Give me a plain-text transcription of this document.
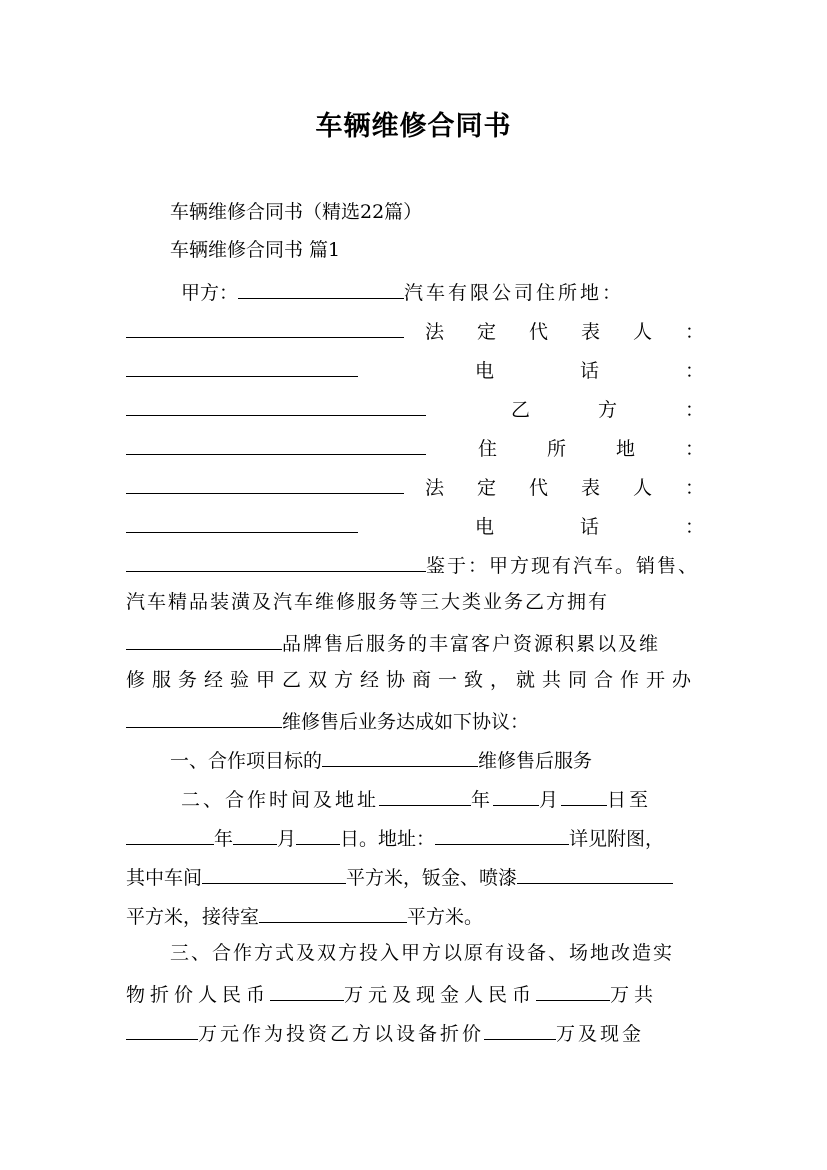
车辆维修合同书
车辆维修合同书（精选22篇）
车辆维修合同书 篇1
甲方：	汽车有限公司住所地：
法定代表人：
电话：
乙方：
住所地：
法定代表人：
电话：
鉴于：甲方现有汽车。销售、
汽车精品装潢及汽车维修服务等三大类业务乙方拥有
品牌售后服务的丰富客户资源积累以及维
修服务经验甲乙双方经协商一致，就共同合作开办
维修售后业务达成如下协议：
一、合作项目标的	维修售后服务
二、合作时间及地址	年 月 日至
年 月 日。地址：	详见附图，
其中车间	平方米，钣金、喷漆
平方米，接待室	平方米。
三、合作方式及双方投入甲方以原有设备、场地改造实
物折价人民币	万元及现金人民币	万共
万元作为投资乙方以设备折价	万及现金
